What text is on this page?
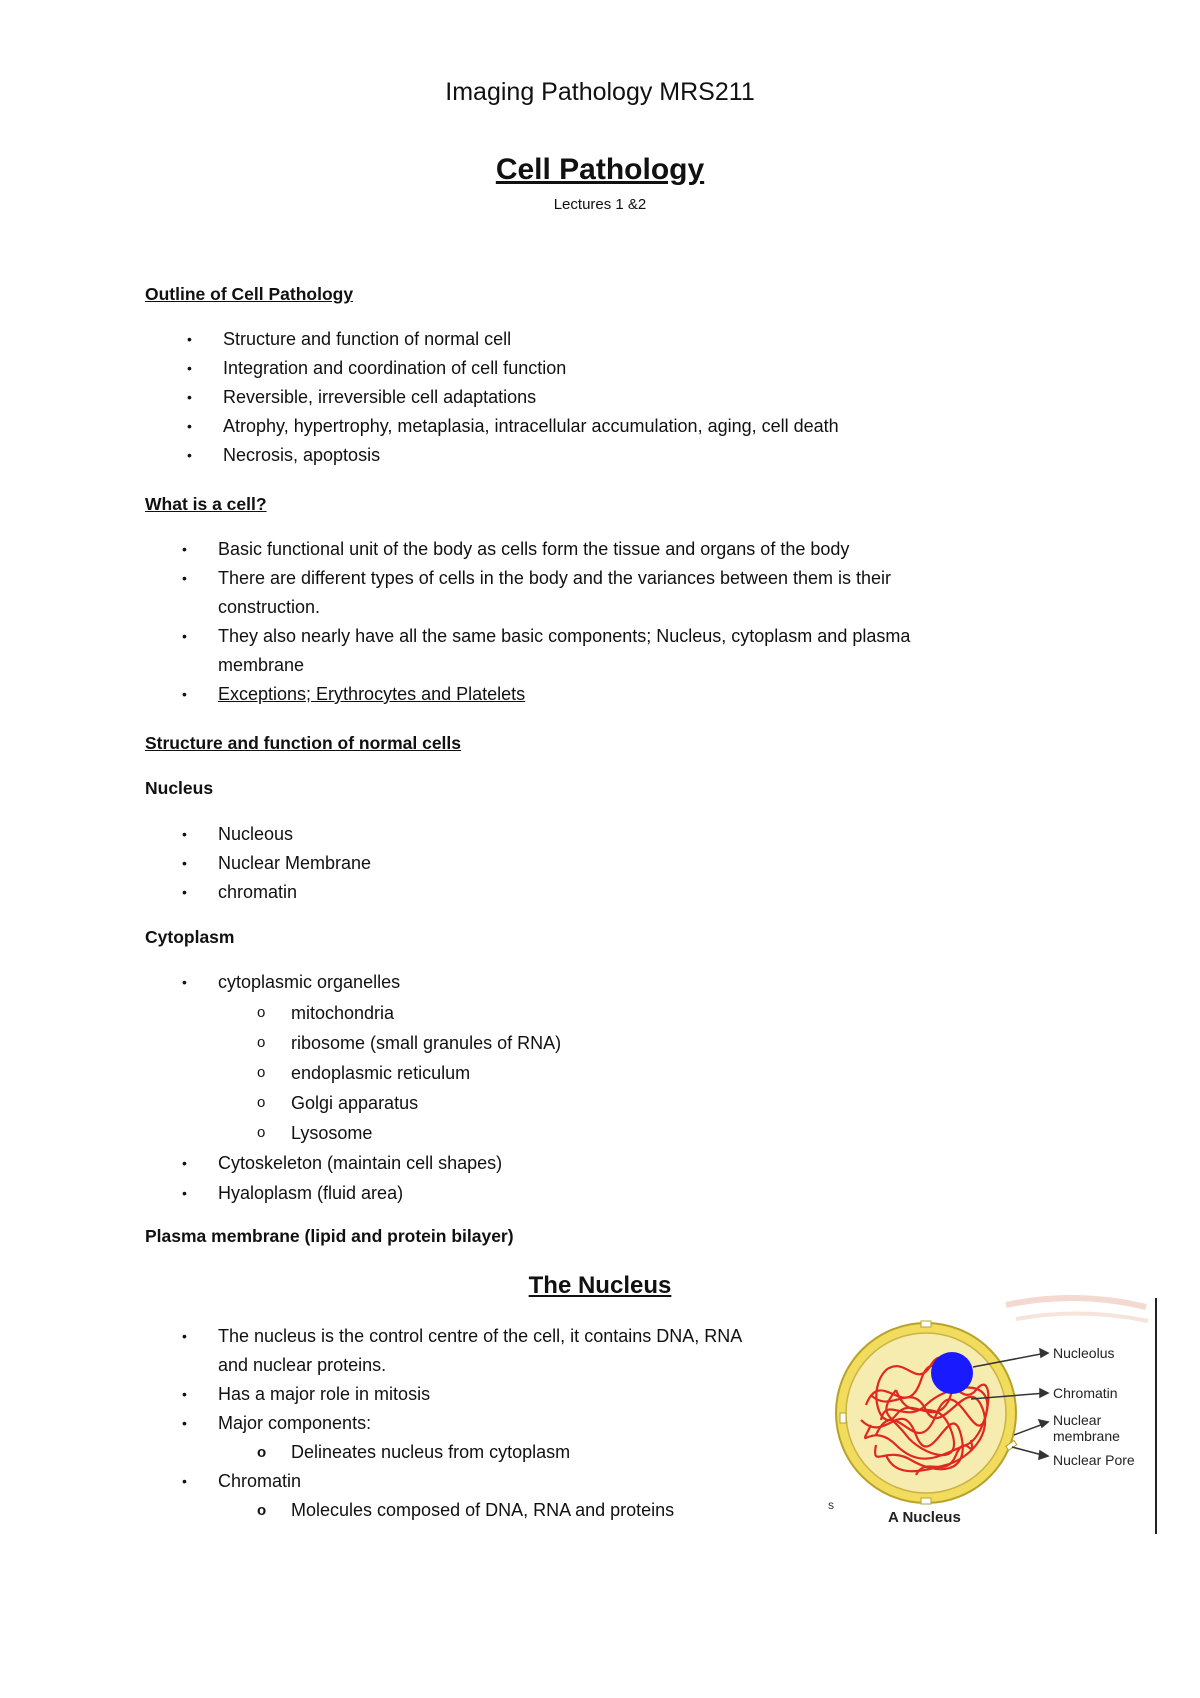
Imaging Pathology MRS211
Cell Pathology
Lectures 1 &2
Outline of Cell Pathology
• Structure and function of normal cell
• Integration and coordination of cell function
• Reversible, irreversible cell adaptations
• Atrophy, hypertrophy, metaplasia, intracellular accumulation, aging, cell death
• Necrosis, apoptosis
What is a cell?
• Basic functional unit of the body as cells form the tissue and organs of the body
• There are different types of cells in the body and the variances between them is their
construction.
• They also nearly have all the same basic components; Nucleus, cytoplasm and plasma
membrane
• Exceptions; Erythrocytes and Platelets
Structure and function of normal cells
Nucleus
• Nucleous
• Nuclear Membrane
• chromatin
Cytoplasm
• cytoplasmic organelles
o mitochondria
o ribosome (small granules of RNA)
o endoplasmic reticulum
o Golgi apparatus
o Lysosome
• Cytoskeleton (maintain cell shapes)
• Hyaloplasm (fluid area)
Plasma membrane (lipid and protein bilayer)
The Nucleus
• The nucleus is the control centre of the cell, it contains DNA, RNA
and nuclear proteins.
• Has a major role in mitosis
• Major components:
o Delineates nucleus from cytoplasm
• Chromatin
o Molecules composed of DNA, RNA and proteins
Nucleolus
Chromatin
Nuclear
membrane
Nuclear Pore
A Nucleus
s
